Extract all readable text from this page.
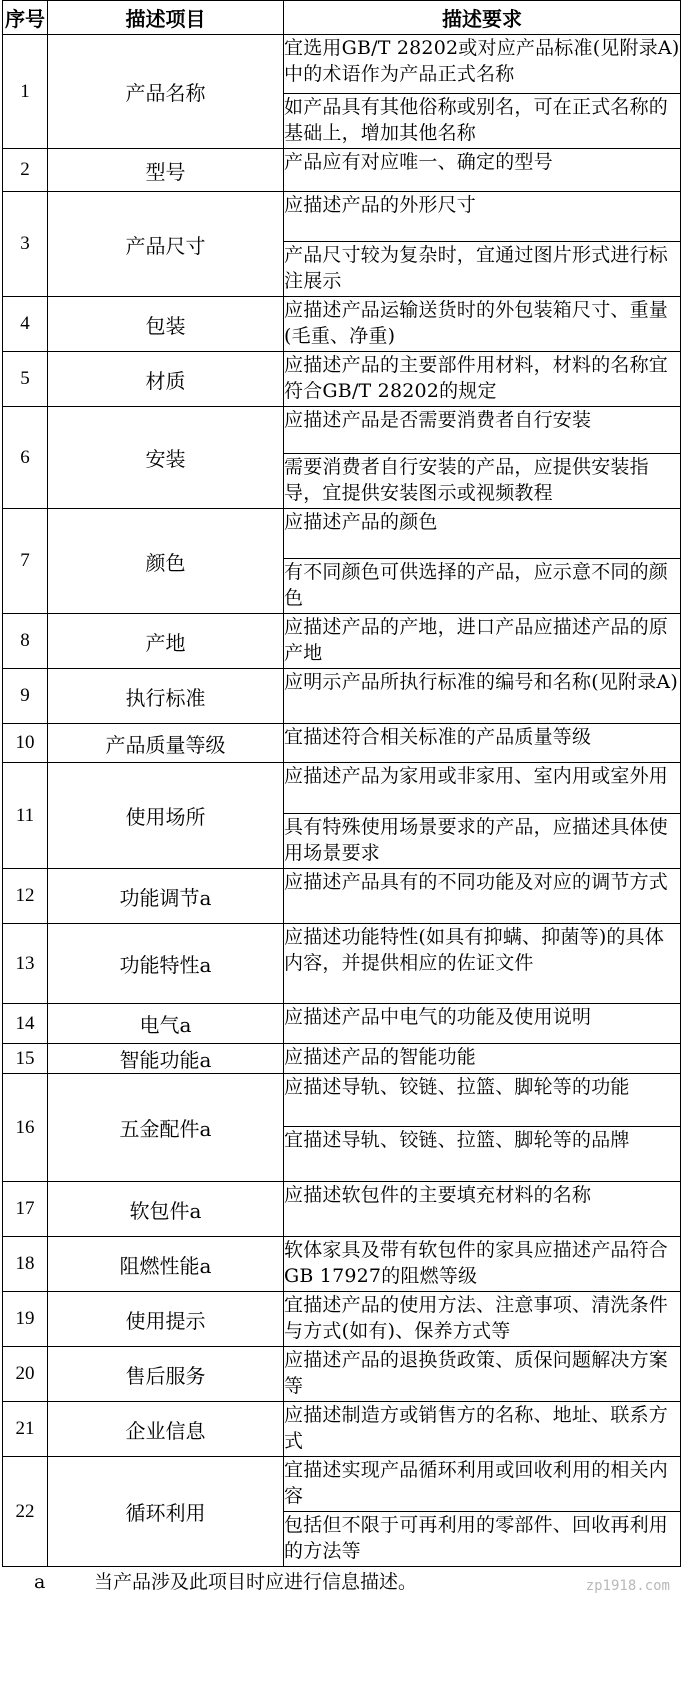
序号	描述项目	描述要求
1	产品名称	宜选用GB/T 28202或对应产品标准(见附录A)中的术语作为产品正式名称
		如产品具有其他俗称或别名，可在正式名称的基础上，增加其他名称
2	型号	产品应有对应唯一、确定的型号
3	产品尺寸	应描述产品的外形尺寸
		产品尺寸较为复杂时，宜通过图片形式进行标注展示
4	包装	应描述产品运输送货时的外包装箱尺寸、重量(毛重、净重)
5	材质	应描述产品的主要部件用材料，材料的名称宜符合GB/T 28202的规定
6	安装	应描述产品是否需要消费者自行安装
		需要消费者自行安装的产品，应提供安装指导，宜提供安装图示或视频教程
7	颜色	应描述产品的颜色
		有不同颜色可供选择的产品，应示意不同的颜色
8	产地	应描述产品的产地，进口产品应描述产品的原产地
9	执行标准	应明示产品所执行标准的编号和名称(见附录A)
10	产品质量等级	宜描述符合相关标准的产品质量等级
11	使用场所	应描述产品为家用或非家用、室内用或室外用
		具有特殊使用场景要求的产品，应描述具体使用场景要求
12	功能调节a	应描述产品具有的不同功能及对应的调节方式
13	功能特性a	应描述功能特性(如具有抑螨、抑菌等)的具体内容，并提供相应的佐证文件
14	电气a	应描述产品中电气的功能及使用说明
15	智能功能a	应描述产品的智能功能
16	五金配件a	应描述导轨、铰链、拉篮、脚轮等的功能
		宜描述导轨、铰链、拉篮、脚轮等的品牌
17	软包件a	应描述软包件的主要填充材料的名称
18	阻燃性能a	软体家具及带有软包件的家具应描述产品符合GB 17927的阻燃等级
19	使用提示	宜描述产品的使用方法、注意事项、清洗条件与方式(如有)、保养方式等
20	售后服务	应描述产品的退换货政策、质保问题解决方案等
21	企业信息	应描述制造方或销售方的名称、地址、联系方式
22	循环利用	宜描述实现产品循环利用或回收利用的相关内容
		包括但不限于可再利用的零部件、回收再利用的方法等
a	当产品涉及此项目时应进行信息描述。	zp1918.com
